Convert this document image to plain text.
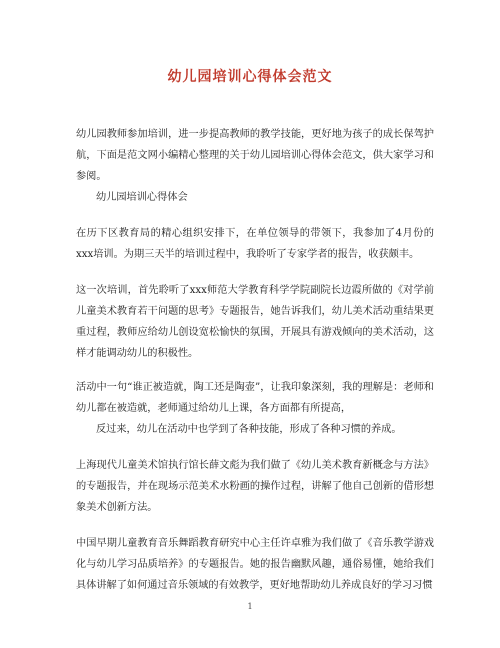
幼儿园培训心得体会范文

幼儿园教师参加培训，进一步提高教师的教学技能，更好地为孩子的成长保驾护航，下面是范文网小编精心整理的关于幼儿园培训心得体会范文，供大家学习和参阅。

幼儿园培训心得体会

在历下区教育局的精心组织安排下，在单位领导的带领下，我参加了4月份的xxx培训。为期三天半的培训过程中，我聆听了专家学者的报告，收获颇丰。

这一次培训，首先聆听了xxx师范大学教育科学学院副院长边霞所做的《对学前儿童美术教育若干问题的思考》专题报告，她告诉我们，幼儿美术活动重结果更重过程，教师应给幼儿创设宽松愉快的氛围，开展具有游戏倾向的美术活动，这样才能调动幼儿的积极性。

活动中一句“谁正被造就，陶工还是陶壶”，让我印象深刻，我的理解是：老师和幼儿都在被造就，老师通过给幼儿上课，各方面都有所提高，

反过来，幼儿在活动中也学到了各种技能，形成了各种习惯的养成。

上海现代儿童美术馆执行馆长薛文彪为我们做了《幼儿美术教育新概念与方法》的专题报告，并在现场示范美术水粉画的操作过程，讲解了他自己创新的借形想象美术创新方法。

中国早期儿童教育音乐舞蹈教育研究中心主任许卓雅为我们做了《音乐教学游戏化与幼儿学习品质培养》的专题报告。她的报告幽默风趣，通俗易懂，她给我们具体讲解了如何通过音乐领域的有效教学，更好地帮助幼儿养成良好的学习习惯

1
